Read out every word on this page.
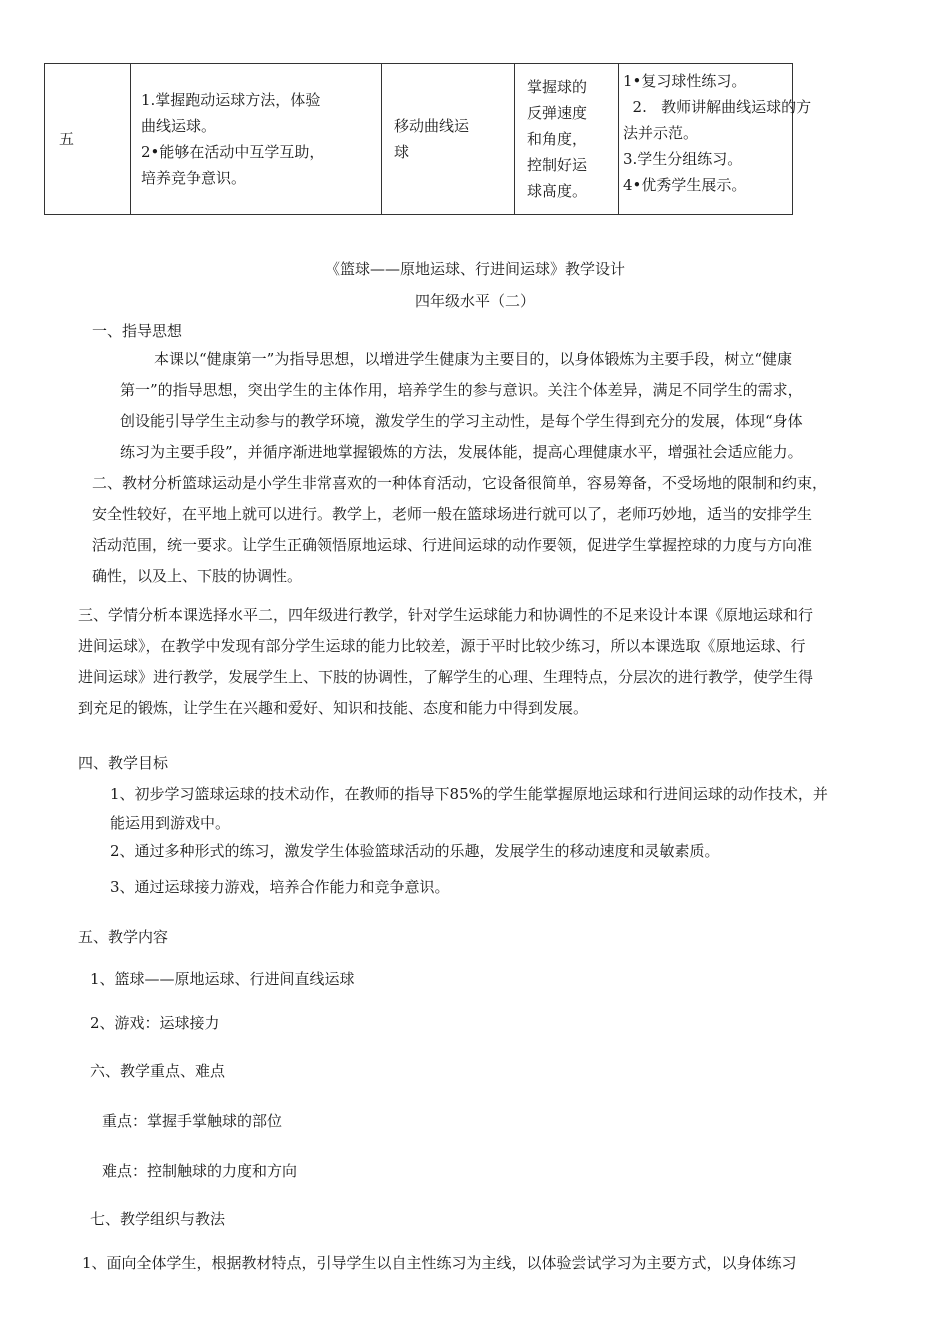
五	
1.掌握跑动运球方法，体验
曲线运球。
2•能够在活动中互学互助，
培养竞争意识。

移动曲线运
球

掌握球的
反弹速度
和角度，
控制好运
球髙度。

1•复习球性练习。
2.   教师讲解曲线运球的方
法并示范。
3.学生分组练习。
4•优秀学生展示。
《篮球——原地运球、行进间运球》教学设计
四年级水平（二）
一、指导思想
本课以“健康第一”为指导思想，以增进学生健康为主要目的，以身体锻炼为主要手段，树立“健康
第一”的指导思想，突出学生的主体作用，培养学生的参与意识。关注个体差异，满足不同学生的需求，
创设能引导学生主动参与的教学环境，激发学生的学习主动性，是每个学生得到充分的发展，体现“身体
练习为主要手段”，并循序渐进地掌握锻炼的方法，发展体能，提高心理健康水平，增强社会适应能力。
二、教材分析篮球运动是小学生非常喜欢的一种体育活动，它设备很简单，容易筹备，不受场地的限制和约束，
安全性较好，在平地上就可以进行。教学上，老师一般在篮球场进行就可以了，老师巧妙地，适当的安排学生
活动范围，统一要求。让学生正确领悟原地运球、行进间运球的动作要领，促进学生掌握控球的力度与方向准
确性，以及上、下肢的协调性。
三、学情分析本课选择水平二，四年级进行教学，针对学生运球能力和协调性的不足来设计本课《原地运球和行
进间运球》，在教学中发现有部分学生运球的能力比较差，源于平时比较少练习，所以本课选取《原地运球、行
进间运球》进行教学，发展学生上、下肢的协调性，了解学生的心理、生理特点，分层次的进行教学，使学生得
到充足的锻炼，让学生在兴趣和爱好、知识和技能、态度和能力中得到发展。
四、教学目标
1、初步学习篮球运球的技术动作，在教师的指导下85%的学生能掌握原地运球和行进间运球的动作技术，并
能运用到游戏中。
2、通过多种形式的练习，激发学生体验篮球活动的乐趣，发展学生的移动速度和灵敏素质。
3、通过运球接力游戏，培养合作能力和竞争意识。
五、教学内容
1、篮球——原地运球、行进间直线运球
2、游戏：运球接力
六、教学重点、难点
重点：掌握手掌触球的部位
难点：控制触球的力度和方向
七、教学组织与教法
1、面向全体学生，根据教材特点，引导学生以自主性练习为主线，以体验尝试学习为主要方式，以身体练习
